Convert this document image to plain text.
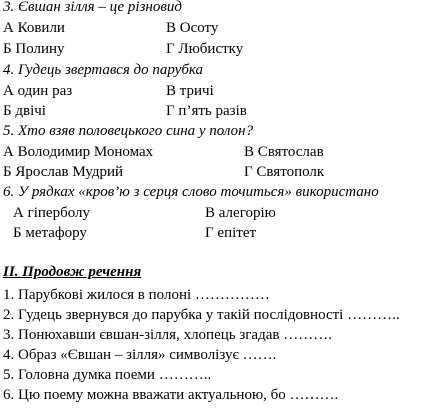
3. Євшан зілля – це різновид
А Ковили	В Осоту
Б Полину	Г Любистку
4. Гудець звертався до парубка
А один раз	В тричі
Б двічі	Г п’ять разів
5. Хто взяв половецького сина у полон?
А Володимир Мономах	В Святослав
Б Ярослав Мудрий	Г Святополк
6. У рядках «кров’ю з серця слово точиться» використано
А гіперболу	В алегорію
Б метафору	Г епітет
ІІ. Продовж речення
1. Парубкові жилося в полоні ……………
2. Гудець звернувся до парубка у такій послідовності ………..
3. Понюхавши євшан-зілля, хлопець згадав ……….
4. Образ «Євшан – зілля» символізує …….
5. Головна думка поеми ………..
6. Цю поему можна вважати актуальною, бо ……….
